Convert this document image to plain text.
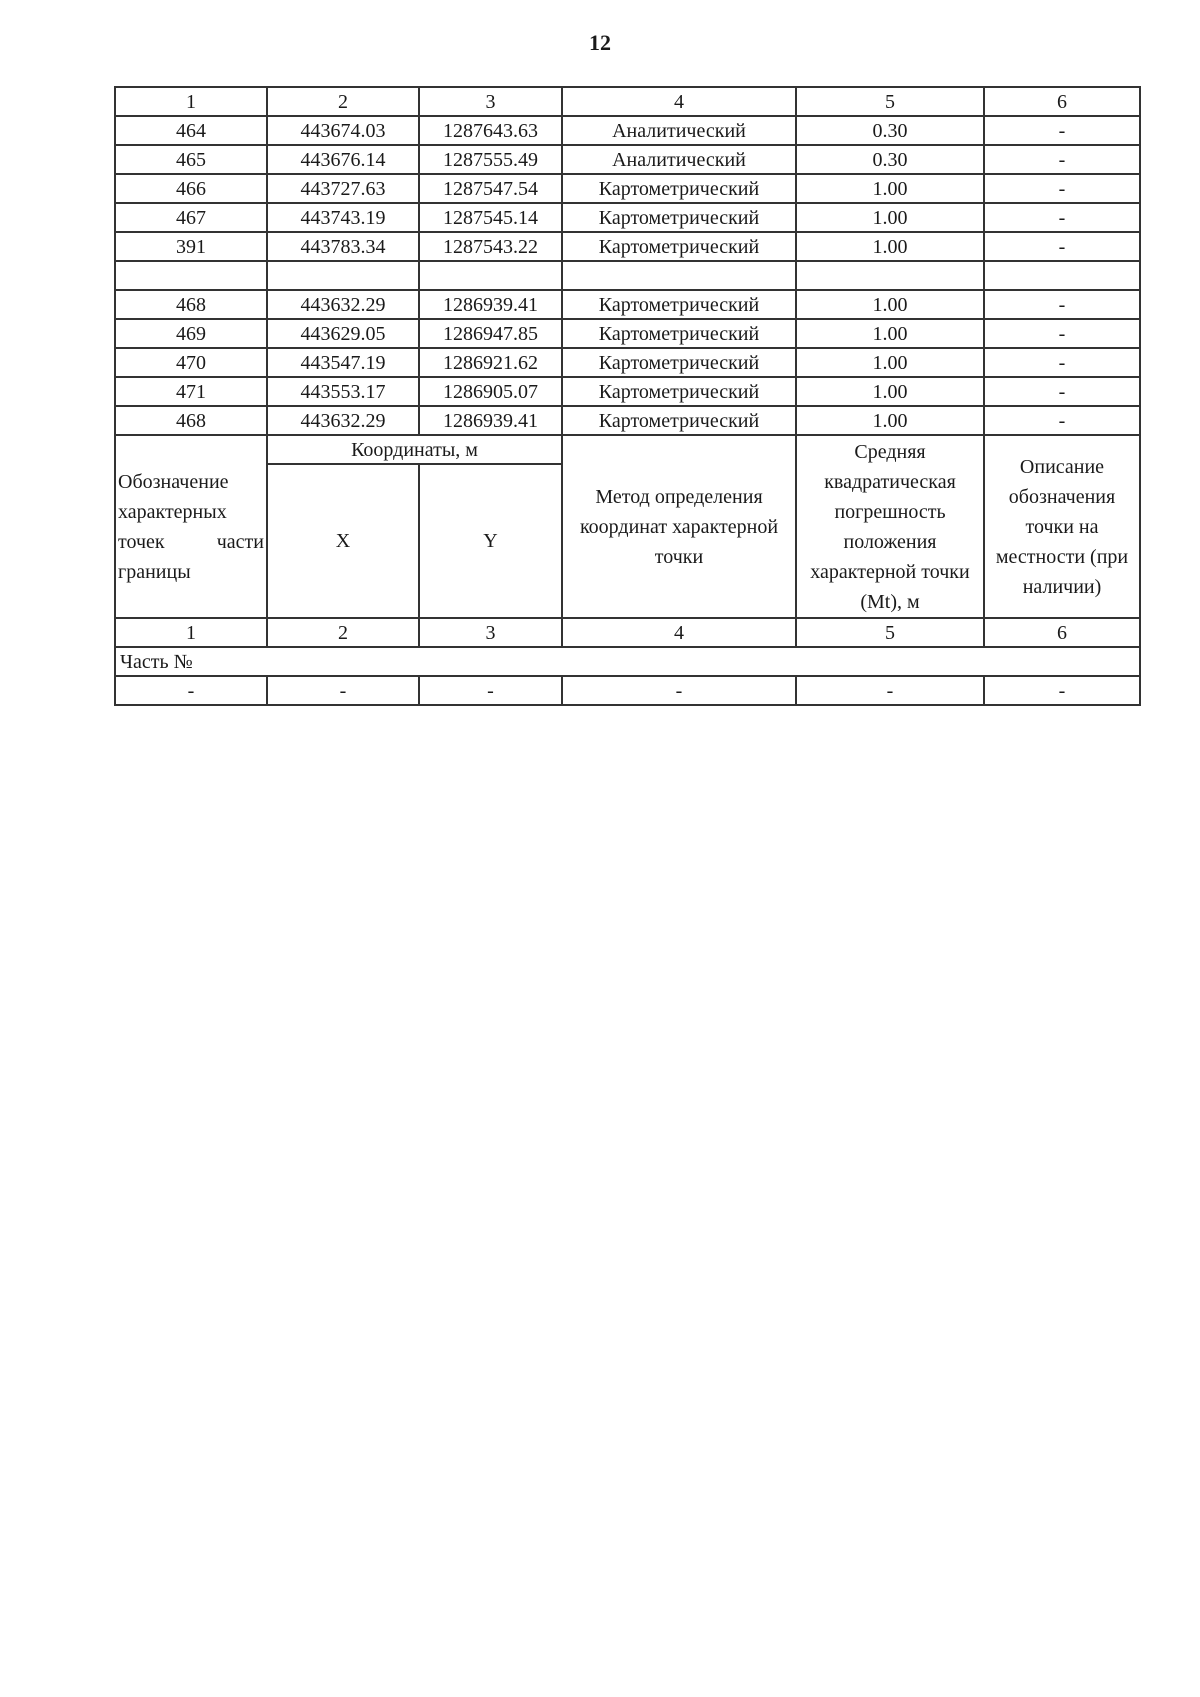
12
1	2	3	4	5	6
464	443674.03	1287643.63	Аналитический	0.30	-
465	443676.14	1287555.49	Аналитический	0.30	-
466	443727.63	1287547.54	Картометрический	1.00	-
467	443743.19	1287545.14	Картометрический	1.00	-
391	443783.34	1287543.22	Картометрический	1.00	-

468	443632.29	1286939.41	Картометрический	1.00	-
469	443629.05	1286947.85	Картометрический	1.00	-
470	443547.19	1286921.62	Картометрический	1.00	-
471	443553.17	1286905.07	Картометрический	1.00	-
468	443632.29	1286939.41	Картометрический	1.00	-
Обозначение характерных точек части границы	Координаты, м		Метод определения координат характерной точки	Средняя квадратическая погрешность положения характерной точки (Mt), м	Описание обозначения точки на местности (при наличии)
	X	Y			
1	2	3	4	5	6
Часть №					
-	-	-	-	-	-
